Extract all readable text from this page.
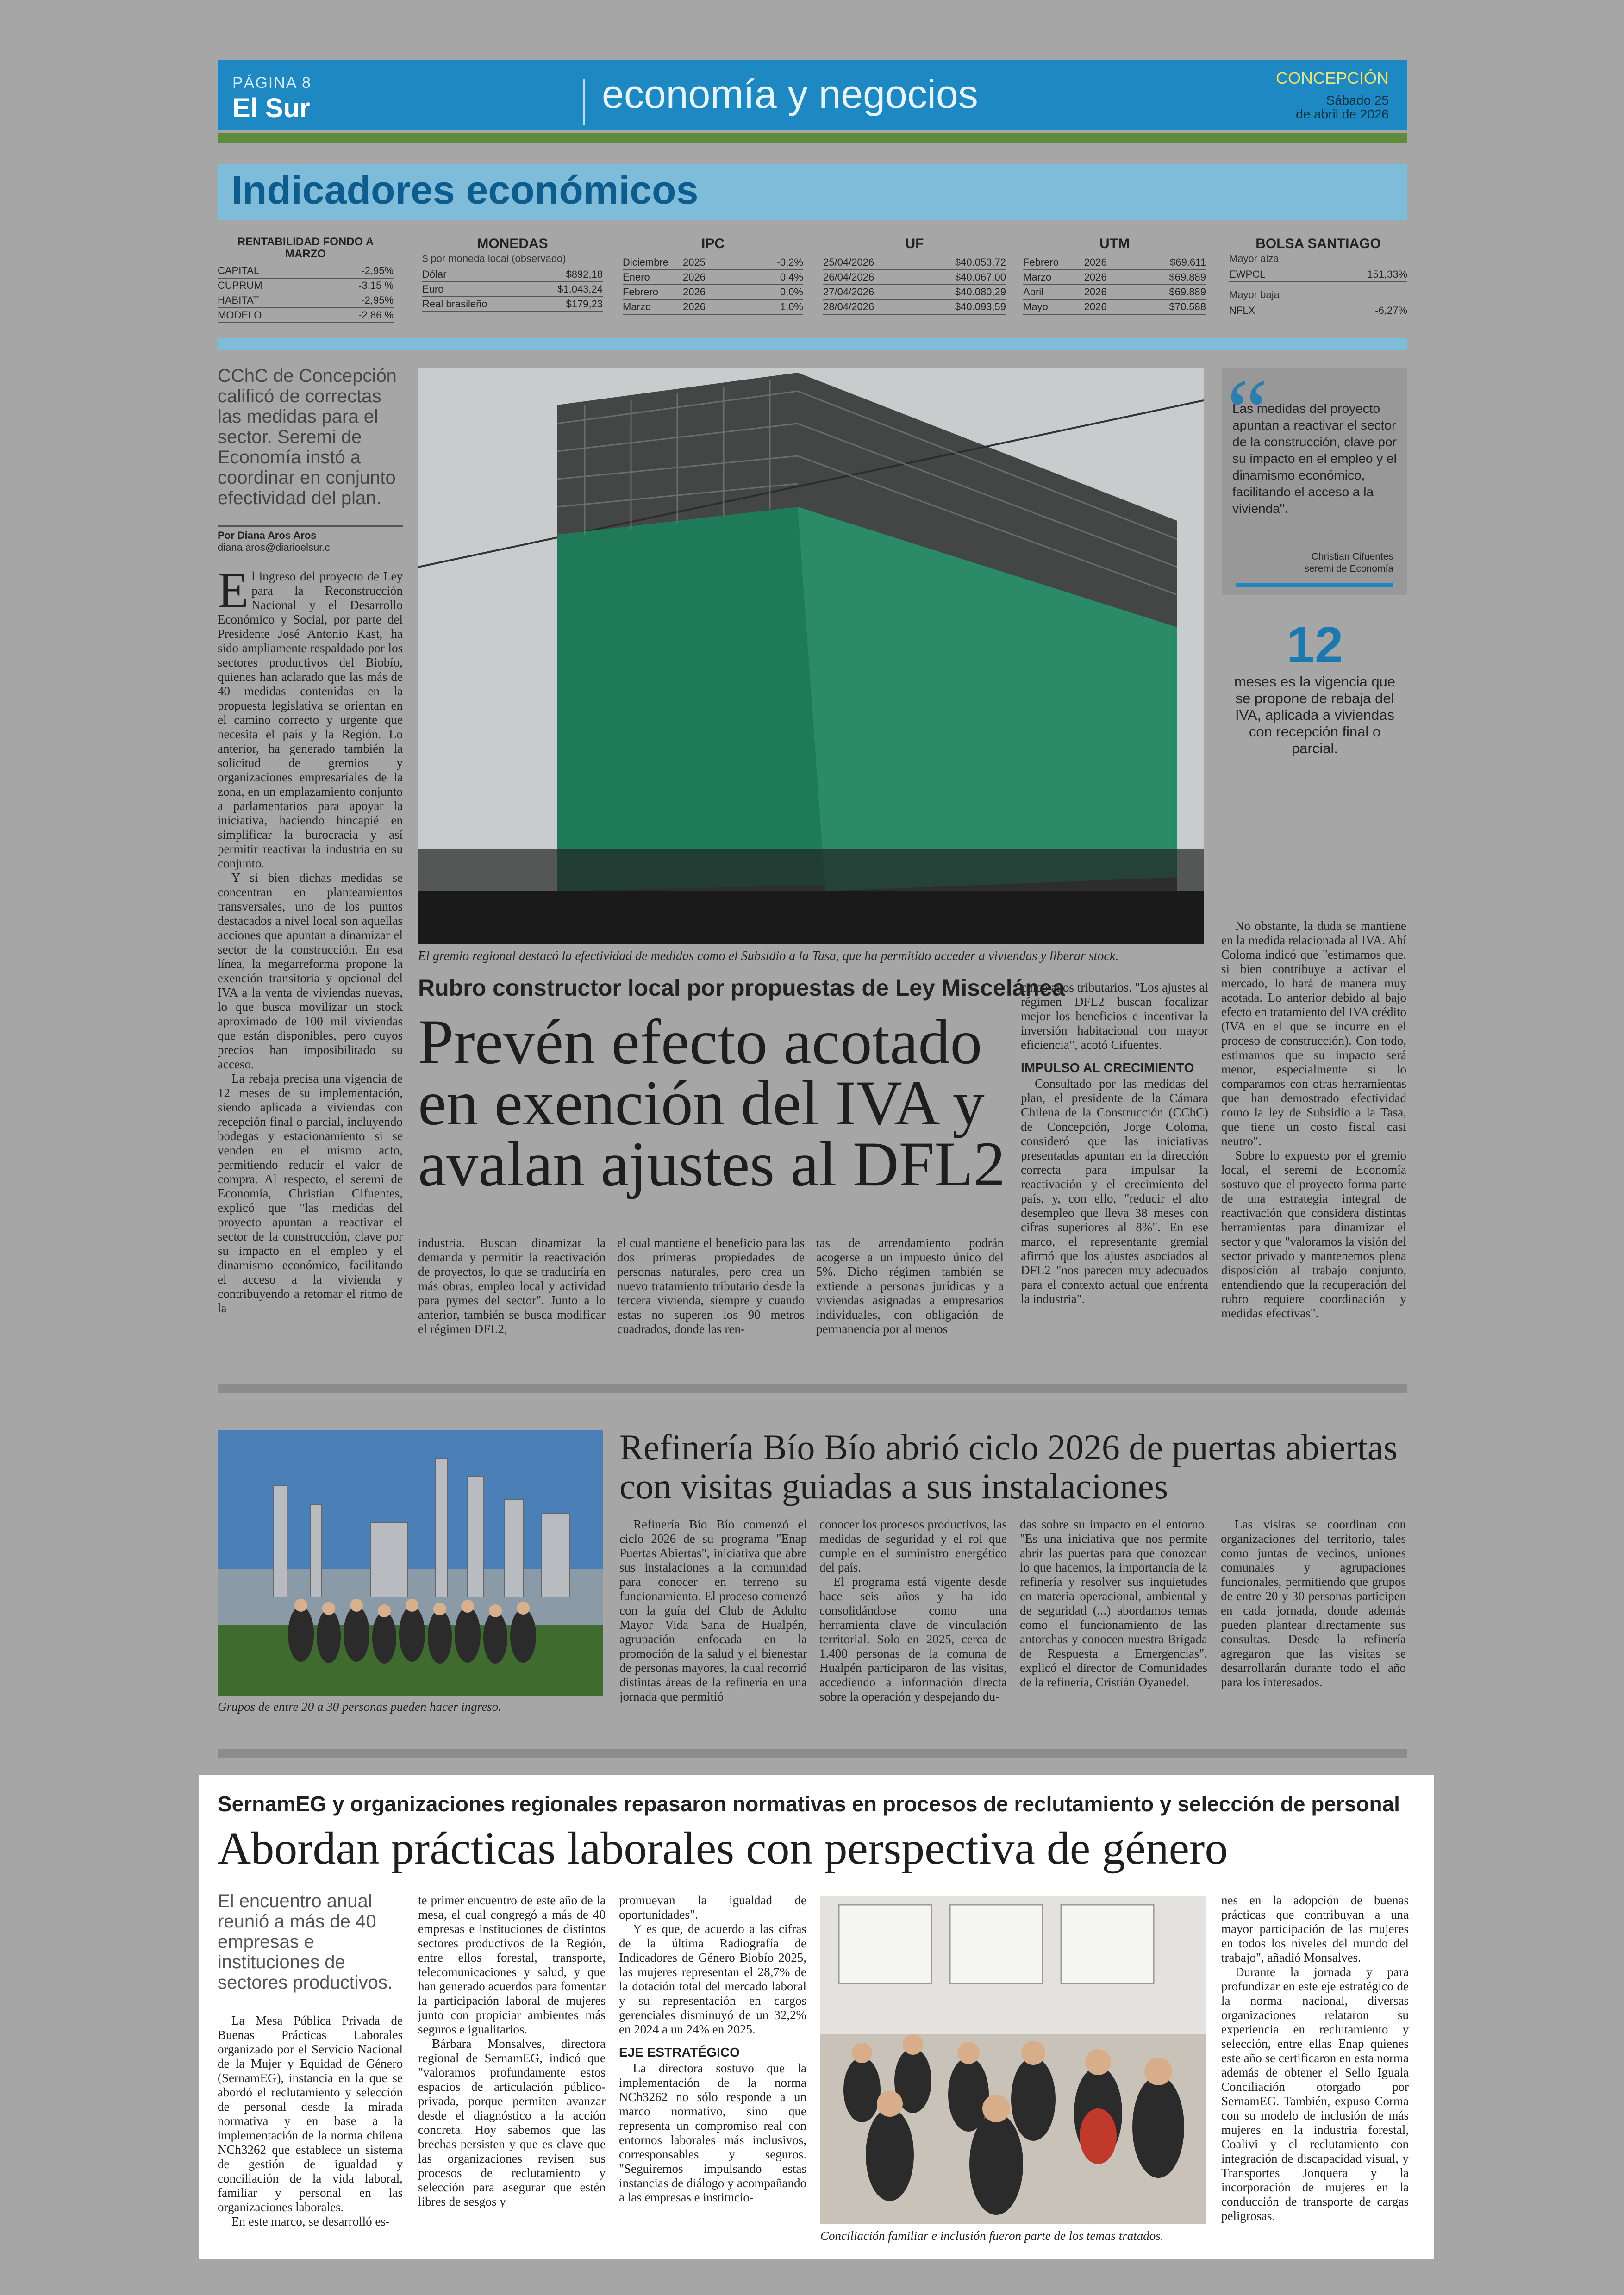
PÁGINA 8
El Sur	economía y negocios	CONCEPCIÓN
Sábado 25
de abril de 2026
Indicadores económicos
RENTABILIDAD FONDO A MARZO
CAPITAL	-2,95%
CUPRUM	-3,15 %
HABITAT	-2,95%
MODELO	-2,86 %
MONEDAS
$ por moneda local (observado)
Dólar	$892,18
Euro	$1.043,24
Real brasileño	$179,23
IPC
Diciembre	2025	-0,2%
Enero	2026	0,4%
Febrero	2026	0,0%
Marzo	2026	1,0%
UF
25/04/2026	$40.053,72
26/04/2026	$40.067,00
27/04/2026	$40.080,29
28/04/2026	$40.093,59
UTM
Febrero	2026	$69.611
Marzo	2026	$69.889
Abril	2026	$69.889
Mayo	2026	$70.588
BOLSA SANTIAGO
Mayor alza
EWPCL	151,33%
Mayor baja
NFLX	-6,27%
CChC de Concepción calificó de correctas las medidas para el sector. Seremi de Economía instó a coordinar en conjunto efectividad del plan.
Por Diana Aros Aros
diana.aros@diarioelsur.cl

El ingreso del proyecto de Ley para la Reconstrucción Nacional y el Desarrollo Económico y Social, por parte del Presidente José Antonio Kast, ha sido ampliamente respaldado por los sectores productivos del Biobío, quienes han aclarado que las más de 40 medidas contenidas en la propuesta legislativa se orientan en el camino correcto y urgente que necesita el país y la Región. Lo anterior, ha generado también la solicitud de gremios y organizaciones empresariales de la zona, en un emplazamiento conjunto a parlamentarios para apoyar la iniciativa, haciendo hincapié en simplificar la burocracia y así permitir reactivar la industria en su conjunto.

Y si bien dichas medidas se concentran en planteamientos transversales, uno de los puntos destacados a nivel local son aquellas acciones que apuntan a dinamizar el sector de la construcción. En esa línea, la megarreforma propone la exención transitoria y opcional del IVA a la venta de viviendas nuevas, lo que busca movilizar un stock aproximado de 100 mil viviendas que están disponibles, pero cuyos precios han imposibilitado su acceso.

La rebaja precisa una vigencia de 12 meses de su implementación, siendo aplicada a viviendas con recepción final o parcial, incluyendo bodegas y estacionamiento si se venden en el mismo acto, permitiendo reducir el valor de compra. Al respecto, el seremi de Economía, Christian Cifuentes, explicó que "las medidas del proyecto apuntan a reactivar el sector de la construcción, clave por su impacto en el empleo y el dinamismo económico, facilitando el acceso a la vivienda y contribuyendo a retomar el ritmo de la

El gremio regional destacó la efectividad de medidas como el Subsidio a la Tasa, que ha permitido acceder a viviendas y liberar stock.
Rubro constructor local por propuestas de Ley Miscelánea
Prevén efecto acotado en exención del IVA y avalan ajustes al DFL2
industria. Buscan dinamizar la demanda y permitir la reactivación de proyectos, lo que se traduciría en más obras, empleo local y actividad para pymes del sector". Junto a lo anterior, también se busca modificar el régimen DFL2,
el cual mantiene el beneficio para las dos primeras propiedades de personas naturales, pero crea un nuevo tratamiento tributario desde la tercera vivienda, siempre y cuando estas no superen los 90 metros cuadrados, donde las ren-
tas de arrendamiento podrán acogerse a un impuesto único del 5%. Dicho régimen también se extiende a personas jurídicas y a viviendas asignadas a empresarios individuales, con obligación de permanencia por al menos

cinco años tributarios. "Los ajustes al régimen DFL2 buscan focalizar mejor los beneficios e incentivar la inversión habitacional con mayor eficiencia", acotó Cifuentes.

IMPULSO AL CRECIMIENTO

Consultado por las medidas del plan, el presidente de la Cámara Chilena de la Construcción (CChC) de Concepción, Jorge Coloma, consideró que las iniciativas presentadas apuntan en la dirección correcta para impulsar la reactivación y el crecimiento del país, y, con ello, "reducir el alto desempleo que lleva 38 meses con cifras superiores al 8%". En ese marco, el representante gremial afirmó que los ajustes asociados al DFL2 "nos parecen muy adecuados para el contexto actual que enfrenta la industria".

No obstante, la duda se mantiene en la medida relacionada al IVA. Ahí Coloma indicó que "estimamos que, si bien contribuye a activar el mercado, lo hará de manera muy acotada. Lo anterior debido al bajo efecto en tratamiento del IVA crédito (IVA en el que se incurre en el proceso de construcción). Con todo, estimamos que su impacto será menor, especialmente si lo comparamos con otras herramientas que han demostrado efectividad como la ley de Subsidio a la Tasa, que tiene un costo fiscal casi neutro".

Sobre lo expuesto por el gremio local, el seremi de Economía sostuvo que el proyecto forma parte de una estrategia integral de reactivación que considera distintas herramientas para dinamizar el sector y que "valoramos la visión del sector privado y mantenemos plena disposición al trabajo conjunto, entendiendo que la recuperación del rubro requiere coordinación y medidas efectivas".

“
Las medidas del proyecto apuntan a reactivar el sector de la construcción, clave por su impacto en el empleo y el dinamismo económico, facilitando el acceso a la vivienda".
Christian Cifuentes
seremi de Economía
12
meses es la vigencia que se propone de rebaja del IVA, aplicada a viviendas con recepción final o parcial.
Grupos de entre 20 a 30 personas pueden hacer ingreso.
Refinería Bío Bío abrió ciclo 2026 de puertas abiertas con visitas guiadas a sus instalaciones

Refinería Bío Bío comenzó el ciclo 2026 de su programa "Enap Puertas Abiertas", iniciativa que abre sus instalaciones a la comunidad para conocer en terreno su funcionamiento. El proceso comenzó con la guía del Club de Adulto Mayor Vida Sana de Hualpén, agrupación enfocada en la promoción de la salud y el bienestar de personas mayores, la cual recorrió distintas áreas de la refinería en una jornada que permitió

conocer los procesos productivos, las medidas de seguridad y el rol que cumple en el suministro energético del país.

El programa está vigente desde hace seis años y ha ido consolidándose como una herramienta clave de vinculación territorial. Solo en 2025, cerca de 1.400 personas de la comuna de Hualpén participaron de las visitas, accediendo a información directa sobre la operación y despejando du-

das sobre su impacto en el entorno. "Es una iniciativa que nos permite abrir las puertas para que conozcan lo que hacemos, la importancia de la refinería y resolver sus inquietudes en materia operacional, ambiental y de seguridad (...) abordamos temas como el funcionamiento de las antorchas y conocen nuestra Brigada de Respuesta a Emergencias", explicó el director de Comunidades de la refinería, Cristián Oyanedel.

Las visitas se coordinan con organizaciones del territorio, tales como juntas de vecinos, uniones comunales y agrupaciones funcionales, permitiendo que grupos de entre 20 y 30 personas participen en cada jornada, donde además pueden plantear directamente sus consultas. Desde la refinería agregaron que las visitas se desarrollarán durante todo el año para los interesados.

SernamEG y organizaciones regionales repasaron normativas en procesos de reclutamiento y selección de personal
Abordan prácticas laborales con perspectiva de género
El encuentro anual reunió a más de 40 empresas e instituciones de sectores productivos.

La Mesa Pública Privada de Buenas Prácticas Laborales organizado por el Servicio Nacional de la Mujer y Equidad de Género (SernamEG), instancia en la que se abordó el reclutamiento y selección de personal desde la mirada normativa y en base a la implementación de la norma chilena NCh3262 que establece un sistema de gestión de igualdad y conciliación de la vida laboral, familiar y personal en las organizaciones laborales.

En este marco, se desarrolló es-

te primer encuentro de este año de la mesa, el cual congregó a más de 40 empresas e instituciones de distintos sectores productivos de la Región, entre ellos forestal, transporte, telecomunicaciones y salud, y que han generado acuerdos para fomentar la participación laboral de mujeres junto con propiciar ambientes más seguros e igualitarios.

Bárbara Monsalves, directora regional de SernamEG, indicó que "valoramos profundamente estos espacios de articulación público-privada, porque permiten avanzar desde el diagnóstico a la acción concreta. Hoy sabemos que las brechas persisten y que es clave que las organizaciones revisen sus procesos de reclutamiento y selección para asegurar que estén libres de sesgos y

promuevan la igualdad de oportunidades".

Y es que, de acuerdo a las cifras de la última Radiografía de Indicadores de Género Biobío 2025, las mujeres representan el 28,7% de la dotación total del mercado laboral y su representación en cargos gerenciales disminuyó de un 32,2% en 2024 a un 24% en 2025.

EJE ESTRATÉGICO

La directora sostuvo que la implementación de la norma NCh3262 no sólo responde a un marco normativo, sino que representa un compromiso real con entornos laborales más inclusivos, corresponsables y seguros. "Seguiremos impulsando estas instancias de diálogo y acompañando a las empresas e institucio-

Conciliación familiar e inclusión fueron parte de los temas tratados.

nes en la adopción de buenas prácticas que contribuyan a una mayor participación de las mujeres en todos los niveles del mundo del trabajo", añadió Monsalves.

Durante la jornada y para profundizar en este eje estratégico de la norma nacional, diversas organizaciones relataron su experiencia en reclutamiento y selección, entre ellas Enap quienes este año se certificaron en esta norma además de obtener el Sello Iguala Conciliación otorgado por SernamEG. También, expuso Corma con su modelo de inclusión de más mujeres en la industria forestal, Coalivi y el reclutamiento con integración de discapacidad visual, y Transportes Jonquera y la incorporación de mujeres en la conducción de transporte de cargas peligrosas.
